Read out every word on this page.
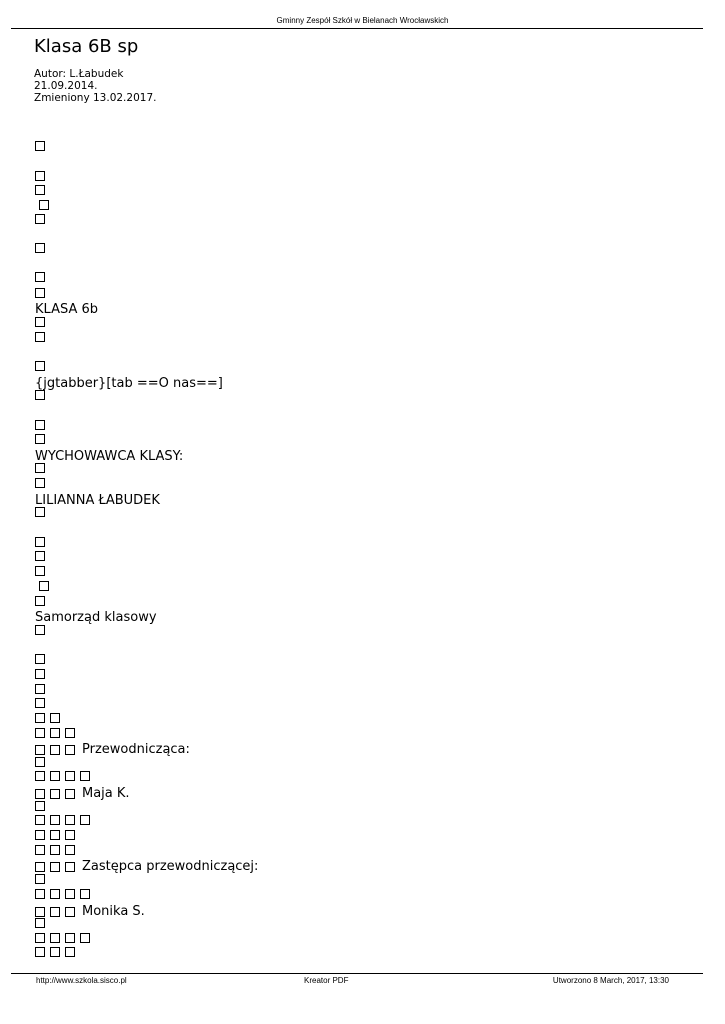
Gminny Zespół Szkół w Bielanach Wrocławskich
Klasa 6B sp
Autor: L.Łabudek
21.09.2014.
Zmieniony 13.02.2017.
KLASA 6b
{jgtabber}[tab ==O nas==]
WYCHOWAWCA KLASY:
LILIANNA ŁABUDEK
Samorząd klasowy
Przewodnicząca:
Maja K.
Zastępca przewodniczącej:
Monika S.
http://www.szkola.sisco.pl	Kreator PDF	Utworzono 8 March, 2017, 13:30
